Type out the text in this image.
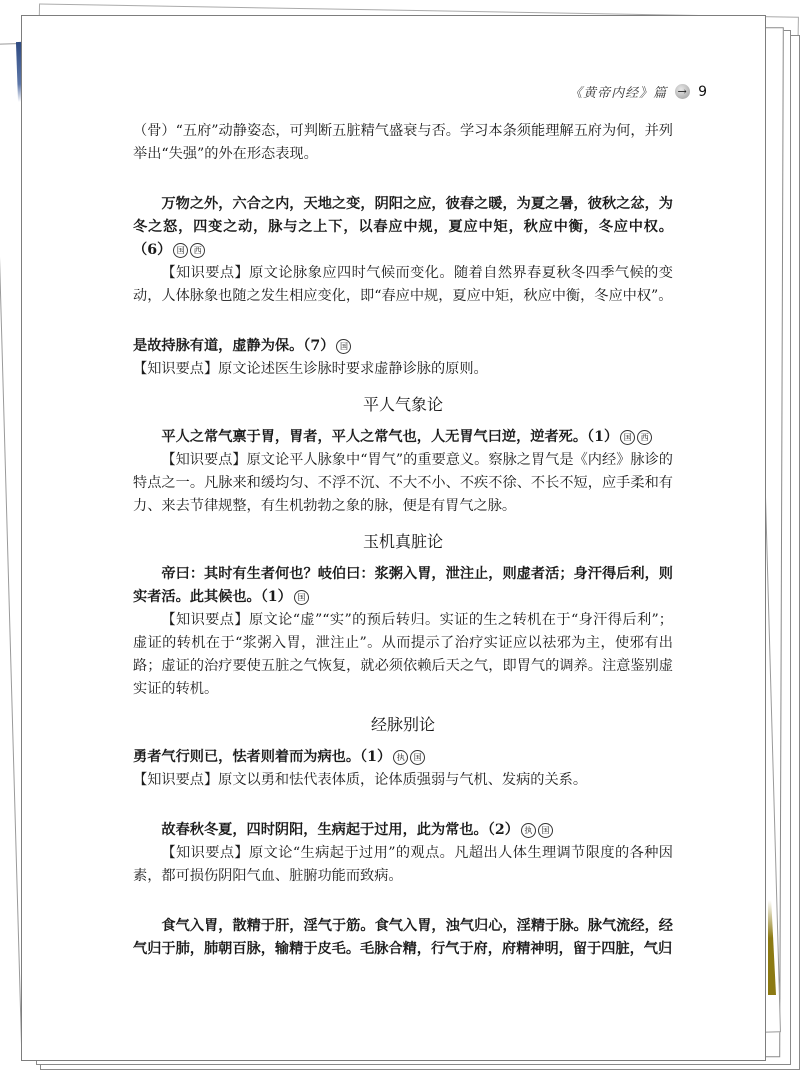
《黄帝内经》篇 → 9

（骨）“五府”动静姿态，可判断五脏精气盛衰与否。学习本条须能理解五府为何，并列举出“失强”的外在形态表现。

万物之外，六合之内，天地之变，阴阳之应，彼春之暖，为夏之暑，彼秋之忿，为冬之怒，四变之动，脉与之上下，以春应中规，夏应中矩，秋应中衡，冬应中权。（6） 国 西

【知识要点】原文论脉象应四时气候而变化。随着自然界春夏秋冬四季气候的变动，人体脉象也随之发生相应变化，即“春应中规，夏应中矩，秋应中衡，冬应中权”。

是故持脉有道，虚静为保。（7） 国

【知识要点】原文论述医生诊脉时要求虚静诊脉的原则。

平人气象论

平人之常气禀于胃，胃者，平人之常气也，人无胃气曰逆，逆者死。（1） 国 西

【知识要点】原文论平人脉象中“胃气”的重要意义。察脉之胃气是《内经》脉诊的特点之一。凡脉来和缓均匀、不浮不沉、不大不小、不疾不徐、不长不短，应手柔和有力、来去节律规整，有生机勃勃之象的脉，便是有胃气之脉。

玉机真脏论

帝曰：其时有生者何也？岐伯曰：浆粥入胃，泄注止，则虚者活；身汗得后利，则实者活。此其候也。（1） 国

【知识要点】原文论“虚”“实”的预后转归。实证的生之转机在于“身汗得后利”；虚证的转机在于“浆粥入胃，泄注止”。从而提示了治疗实证应以祛邪为主，使邪有出路；虚证的治疗要使五脏之气恢复，就必须依赖后天之气，即胃气的调养。注意鉴别虚实证的转机。

经脉别论

勇者气行则已，怯者则着而为病也。（1） 执 国

【知识要点】原文以勇和怯代表体质，论体质强弱与气机、发病的关系。

故春秋冬夏，四时阴阳，生病起于过用，此为常也。（2） 执 国

【知识要点】原文论“生病起于过用”的观点。凡超出人体生理调节限度的各种因素，都可损伤阴阳气血、脏腑功能而致病。

食气入胃，散精于肝，淫气于筋。食气入胃，浊气归心，淫精于脉。脉气流经，经气归于肺，肺朝百脉，输精于皮毛。毛脉合精，行气于府，府精神明，留于四脏，气归
